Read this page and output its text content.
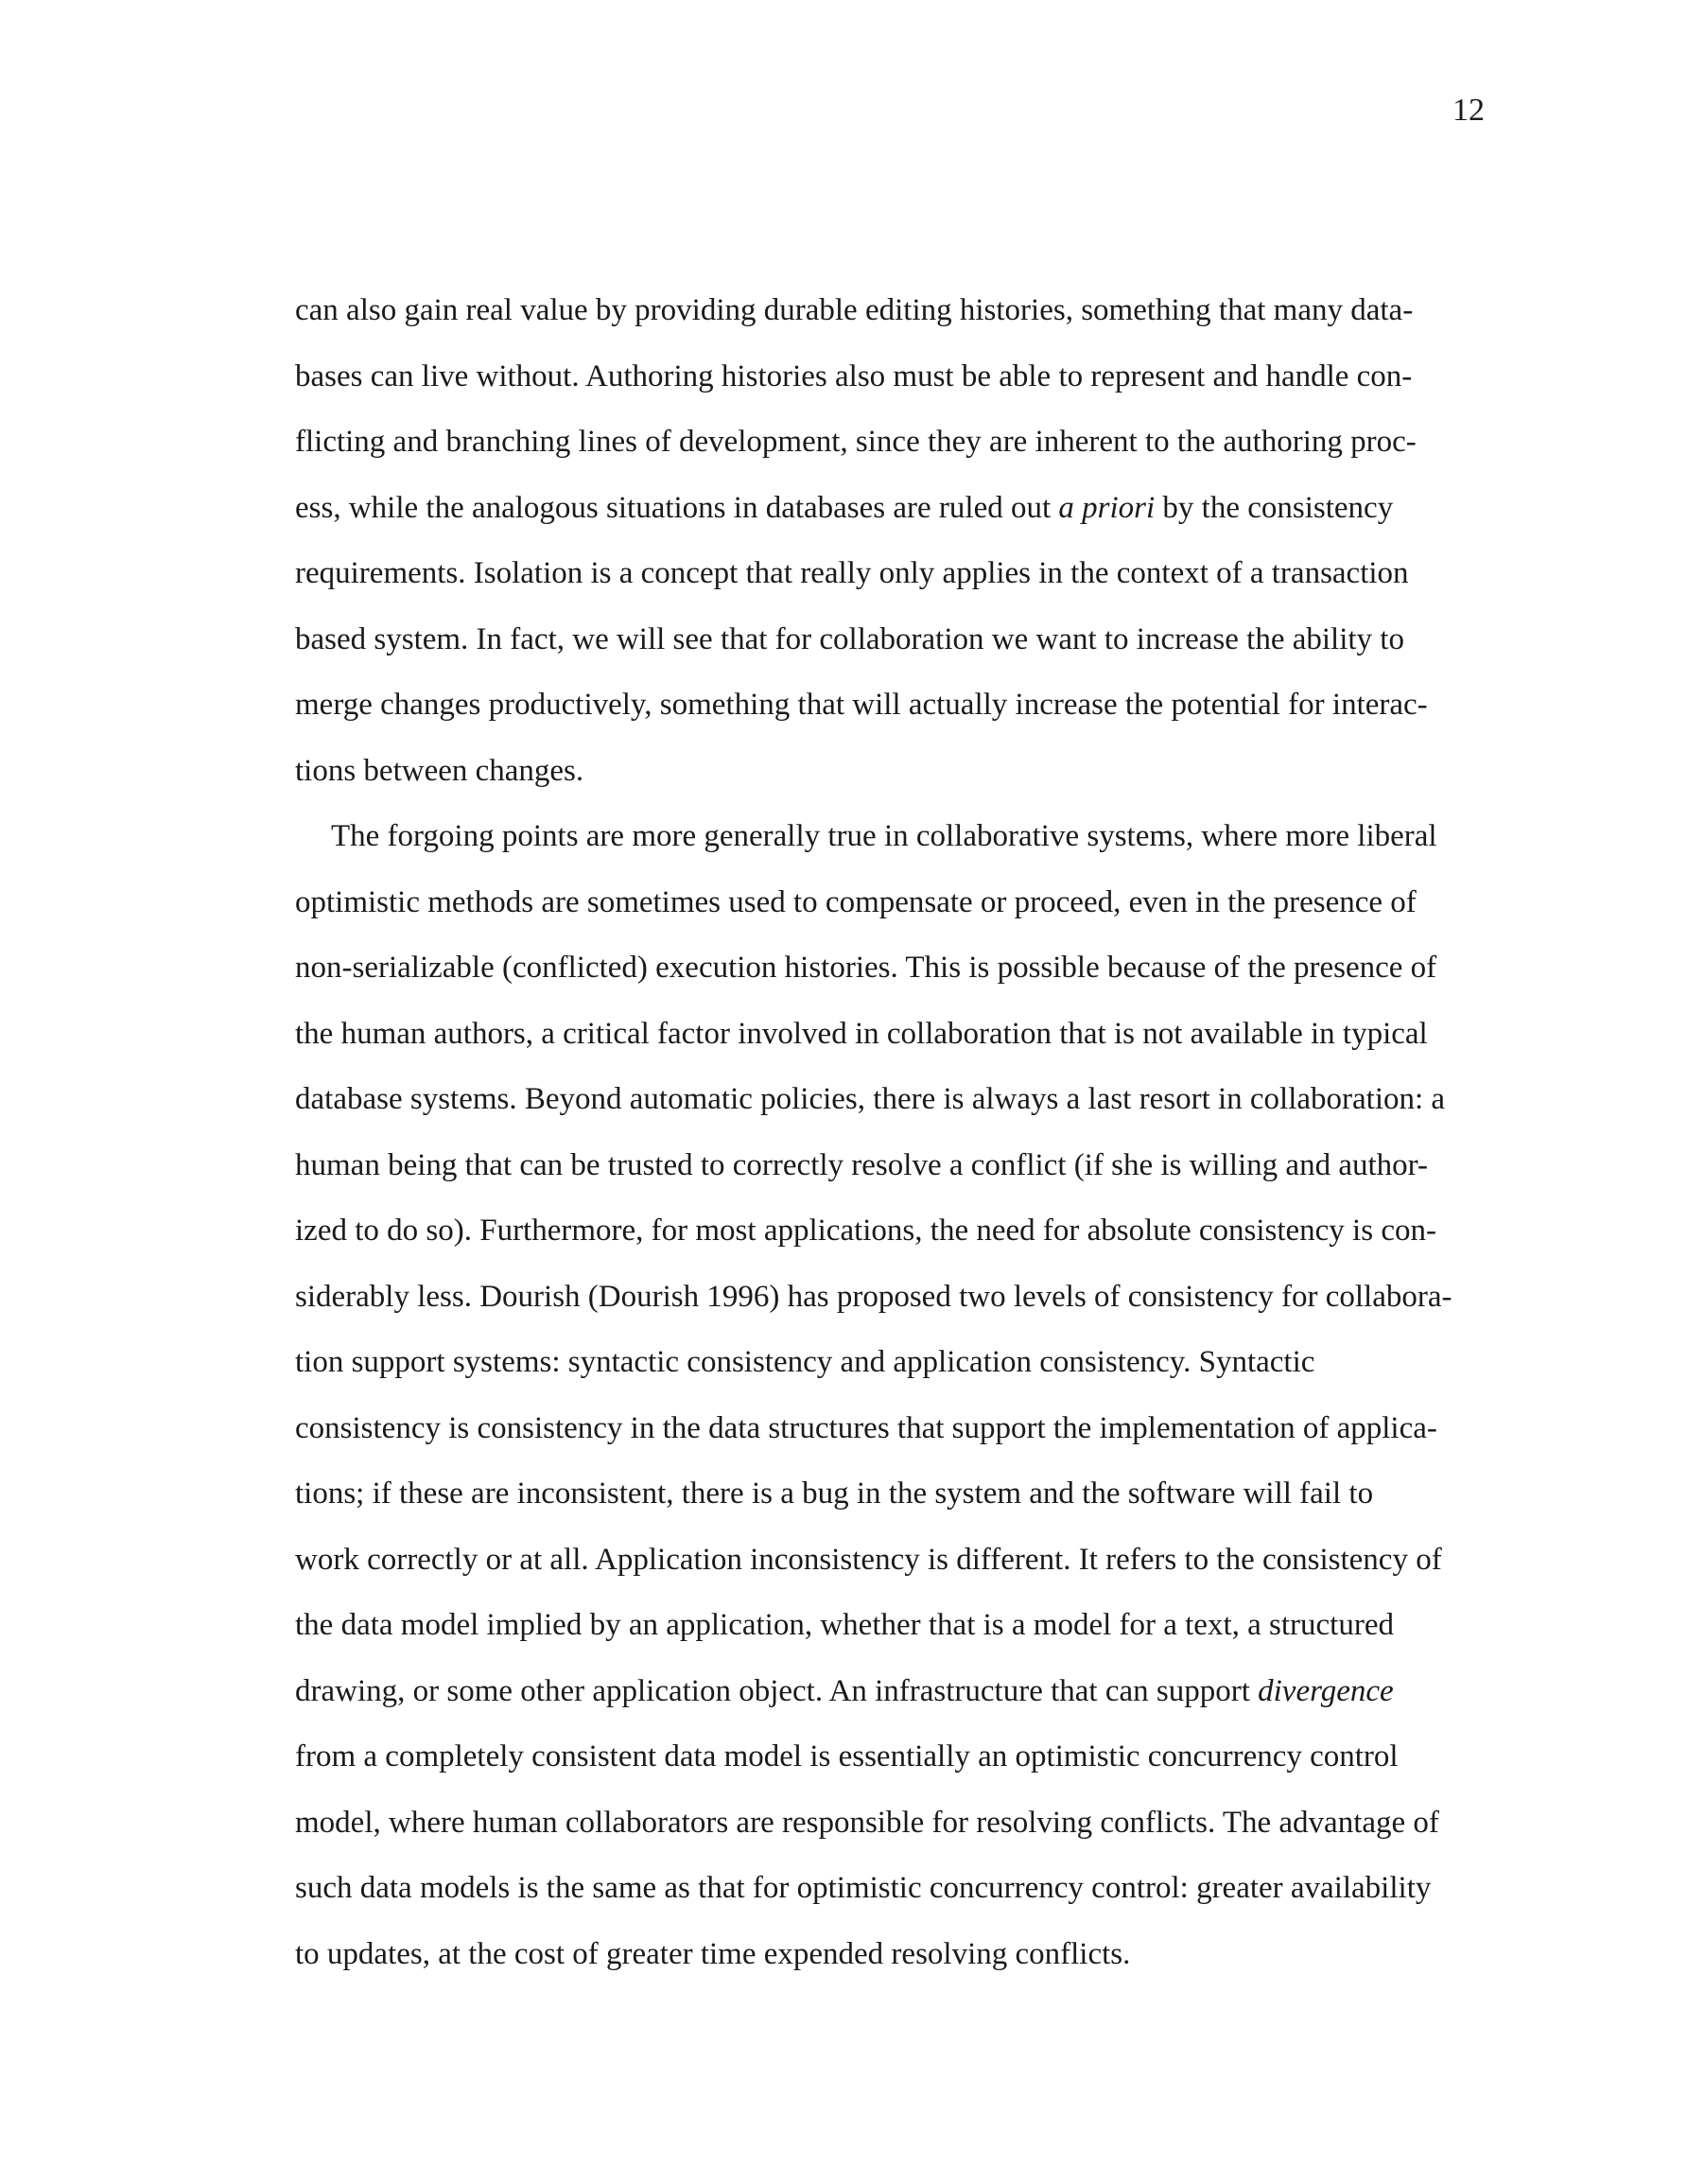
12
can also gain real value by providing durable editing histories, something that many data-
bases can live without. Authoring histories also must be able to represent and handle con-
flicting and branching lines of development, since they are inherent to the authoring proc-
ess, while the analogous situations in databases are ruled out a priori by the consistency
requirements. Isolation is a concept that really only applies in the context of a transaction
based system. In fact, we will see that for collaboration we want to increase the ability to
merge changes productively, something that will actually increase the potential for interac-
tions between changes.
The forgoing points are more generally true in collaborative systems, where more liberal
optimistic methods are sometimes used to compensate or proceed, even in the presence of
non-serializable (conflicted) execution histories. This is possible because of the presence of
the human authors, a critical factor involved in collaboration that is not available in typical
database systems. Beyond automatic policies, there is always a last resort in collaboration: a
human being that can be trusted to correctly resolve a conflict (if she is willing and author-
ized to do so). Furthermore, for most applications, the need for absolute consistency is con-
siderably less. Dourish (Dourish 1996) has proposed two levels of consistency for collabora-
tion support systems: syntactic consistency and application consistency. Syntactic
consistency is consistency in the data structures that support the implementation of applica-
tions; if these are inconsistent, there is a bug in the system and the software will fail to
work correctly or at all. Application inconsistency is different. It refers to the consistency of
the data model implied by an application, whether that is a model for a text, a structured
drawing, or some other application object. An infrastructure that can support divergence
from a completely consistent data model is essentially an optimistic concurrency control
model, where human collaborators are responsible for resolving conflicts. The advantage of
such data models is the same as that for optimistic concurrency control: greater availability
to updates, at the cost of greater time expended resolving conflicts.
